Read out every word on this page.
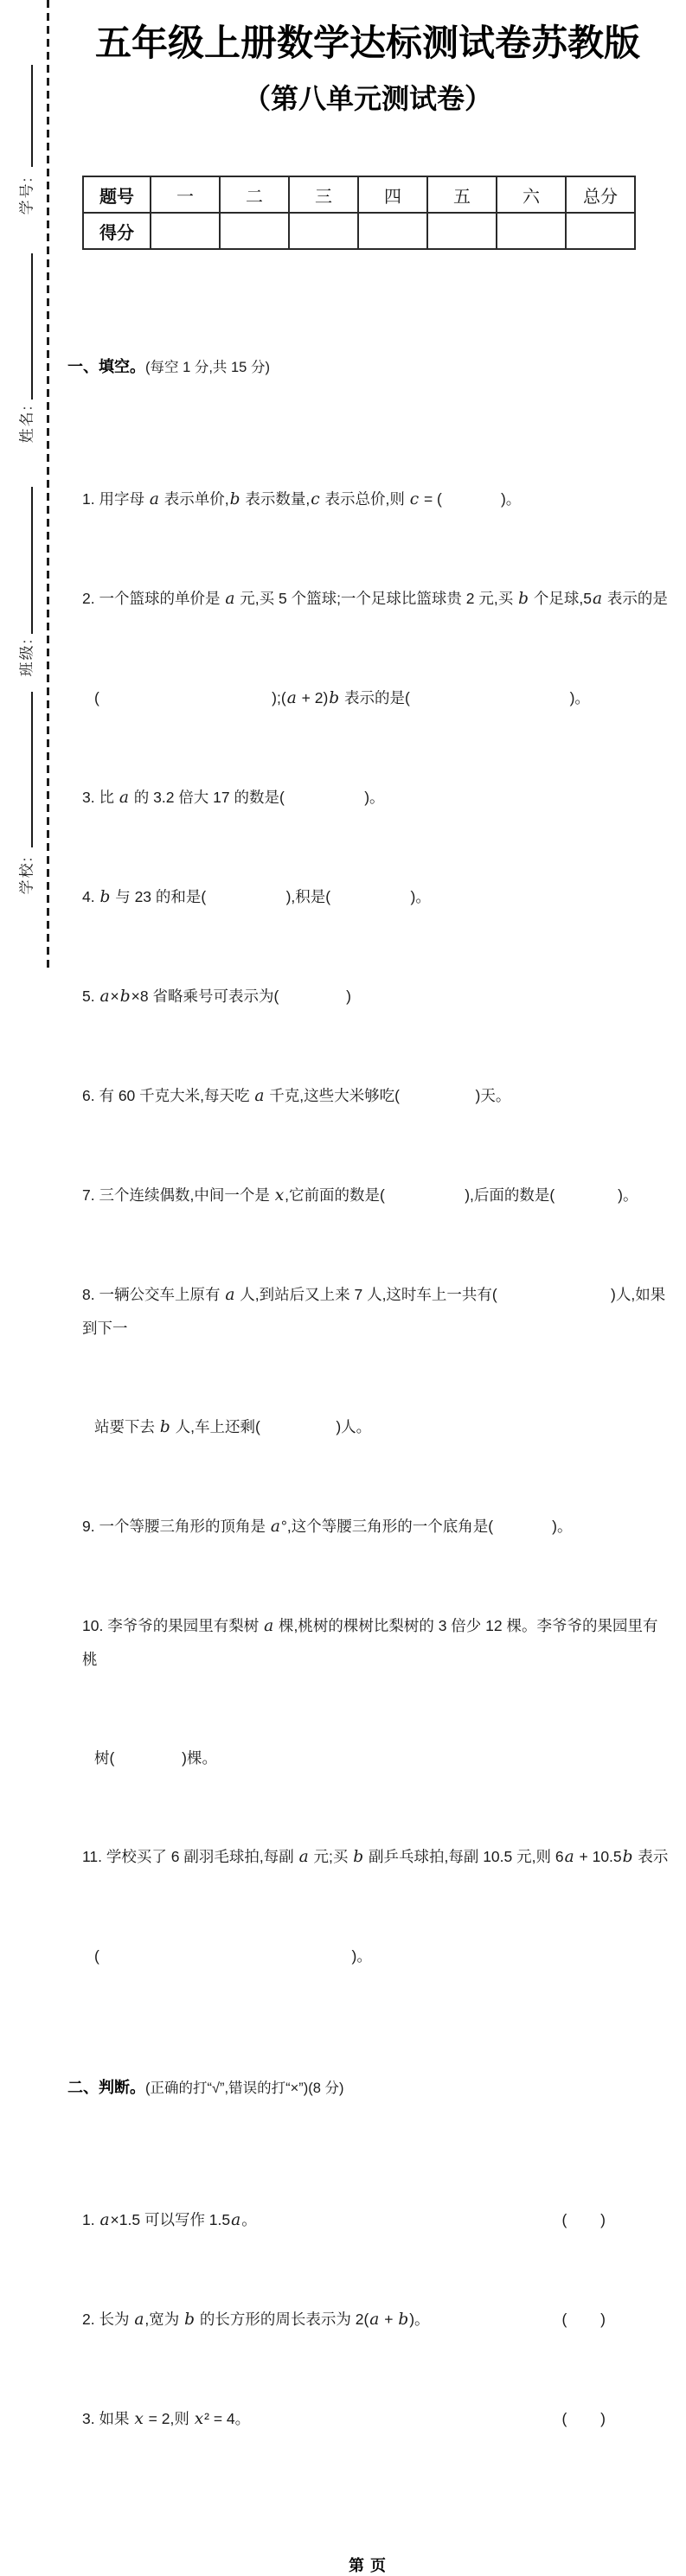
学号:
姓名:
班级:
学校:
五年级上册数学达标测试卷苏教版
（第八单元测试卷）
题号	一	二	三	四	五	六	总分
得分							

一、填空。(每空 1 分,共 15 分)

1. 用字母 a 表示单价,b 表示数量,c 表示总价,则 c = (              )。

2. 一个篮球的单价是 a 元,买 5 个篮球;一个足球比篮球贵 2 元,买 b 个足球,5a 表示的是

(                                         );(a + 2)b 表示的是(                                      )。

3. 比 a 的 3.2 倍大 17 的数是(                   )。

4. b 与 23 的和是(                   ),积是(                   )。

5. a×b×8 省略乘号可表示为(                )

6. 有 60 千克大米,每天吃 a 千克,这些大米够吃(                  )天。

7. 三个连续偶数,中间一个是 x,它前面的数是(                   ),后面的数是(               )。

8. 一辆公交车上原有 a 人,到站后又上来 7 人,这时车上一共有(                           )人,如果到下一

站要下去 b 人,车上还剩(                  )人。

9. 一个等腰三角形的顶角是 a°,这个等腰三角形的一个底角是(              )。

10. 李爷爷的果园里有梨树 a 棵,桃树的棵树比梨树的 3 倍少 12 棵。李爷爷的果园里有桃

树(                )棵。

11. 学校买了 6 副羽毛球拍,每副 a 元;买 b 副乒乓球拍,每副 10.5 元,则 6a + 10.5b 表示

(                                                            )。

二、判断。(正确的打“√”,错误的打“×”)(8 分)

1. a×1.5 可以写作 1.5a。	(        )

2. 长为 a,宽为 b 的长方形的周长表示为 2(a + b)。	(        )

3. 如果 x = 2,则 x² = 4。	(        )

第 页
